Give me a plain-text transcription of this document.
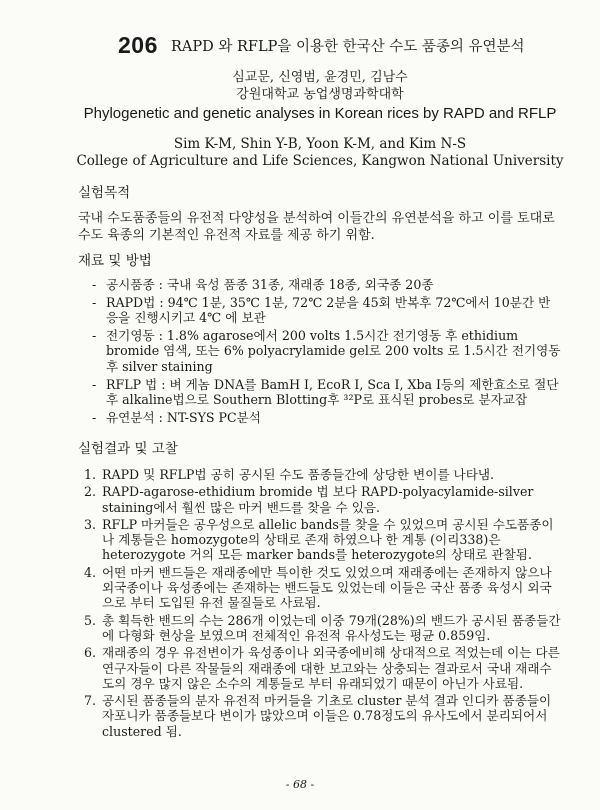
206 RAPD 와 RFLP을 이용한 한국산 수도 품종의 유연분석
심교문, 신영범, 윤경민, 김남수
강원대학교 농업생명과학대학
Phylogenetic and genetic analyses in Korean rices by RAPD and RFLP
Sim K-M, Shin Y-B, Yoon K-M, and Kim N-S
College of Agriculture and Life Sciences, Kangwon National University
실험목적
국내 수도품종들의 유전적 다양성을 분석하여 이들간의 유연분석을 하고 이를 토대로 수도 육종의 기본적인 유전적 자료를 제공 하기 위함.
재료 및 방법
- 공시품종 : 국내 육성 품종 31종, 재래종 18종, 외국종 20종
- RAPD법 : 94℃ 1분, 35℃ 1분, 72℃ 2분을 45회 반복후 72℃에서 10분간 반응을 진행시키고 4℃ 에 보관
- 전기영동 : 1.8% agarose에서 200 volts 1.5시간 전기영동 후 ethidium bromide 염색, 또는 6% polyacrylamide gel로 200 volts 로 1.5시간 전기영동후 silver staining
- RFLP 법 : 벼 게놈 DNA를 BamH I, EcoR I, Sca I, Xba I등의 제한효소로 절단후 alkaline법으로 Southern Blotting후 ³²P로 표식된 probes로 분자교잡
- 유연분석 : NT-SYS PC분석
실험결과 및 고찰
1. RAPD 및 RFLP법 공히 공시된 수도 품종들간에 상당한 변이를 나타냄.
2. RAPD-agarose-ethidium bromide 법 보다 RAPD-polyacylamide-silver staining에서 훨씬 많은 마커 밴드를 찾을 수 있음.
3. RFLP 마커들은 공우성으로 allelic bands를 찾을 수 있었으며 공시된 수도품종이나 계통들은 homozygote의 상태로 존재 하였으나 한 계통 (이리338)은 heterozygote 거의 모든 marker bands를 heterozygote의 상태로 관찰됨.
4. 어떤 마커 밴드들은 재래종에만 특이한 것도 있었으며 재래종에는 존재하지 않으나 외국종이나 육성종에는 존재하는 밴드들도 있었는데 이들은 국산 품종 육성시 외국으로 부터 도입된 유전 물질들로 사료됨.
5. 총 획득한 밴드의 수는 286개 이었는데 이중 79개(28%)의 밴드가 공시된 품종들간에 다형화 현상을 보였으며 전체적인 유전적 유사성도는 평균 0.859임.
6. 재래종의 경우 유전변이가 육성종이나 외국종에비해 상대적으로 적었는데 이는 다른 연구자들이 다른 작물들의 재래종에 대한 보고와는 상충되는 결과로서 국내 재래수도의 경우 많지 않은 소수의 계통들로 부터 유래되었기 때문이 아닌가 사료됨.
7. 공시된 품종들의 분자 유전적 마커들을 기초로 cluster 분석 결과 인디카 품종들이 자포니카 품종들보다 변이가 많았으며 이들은 0.78정도의 유사도에서 분리되어서 clustered 됨.
- 68 -
